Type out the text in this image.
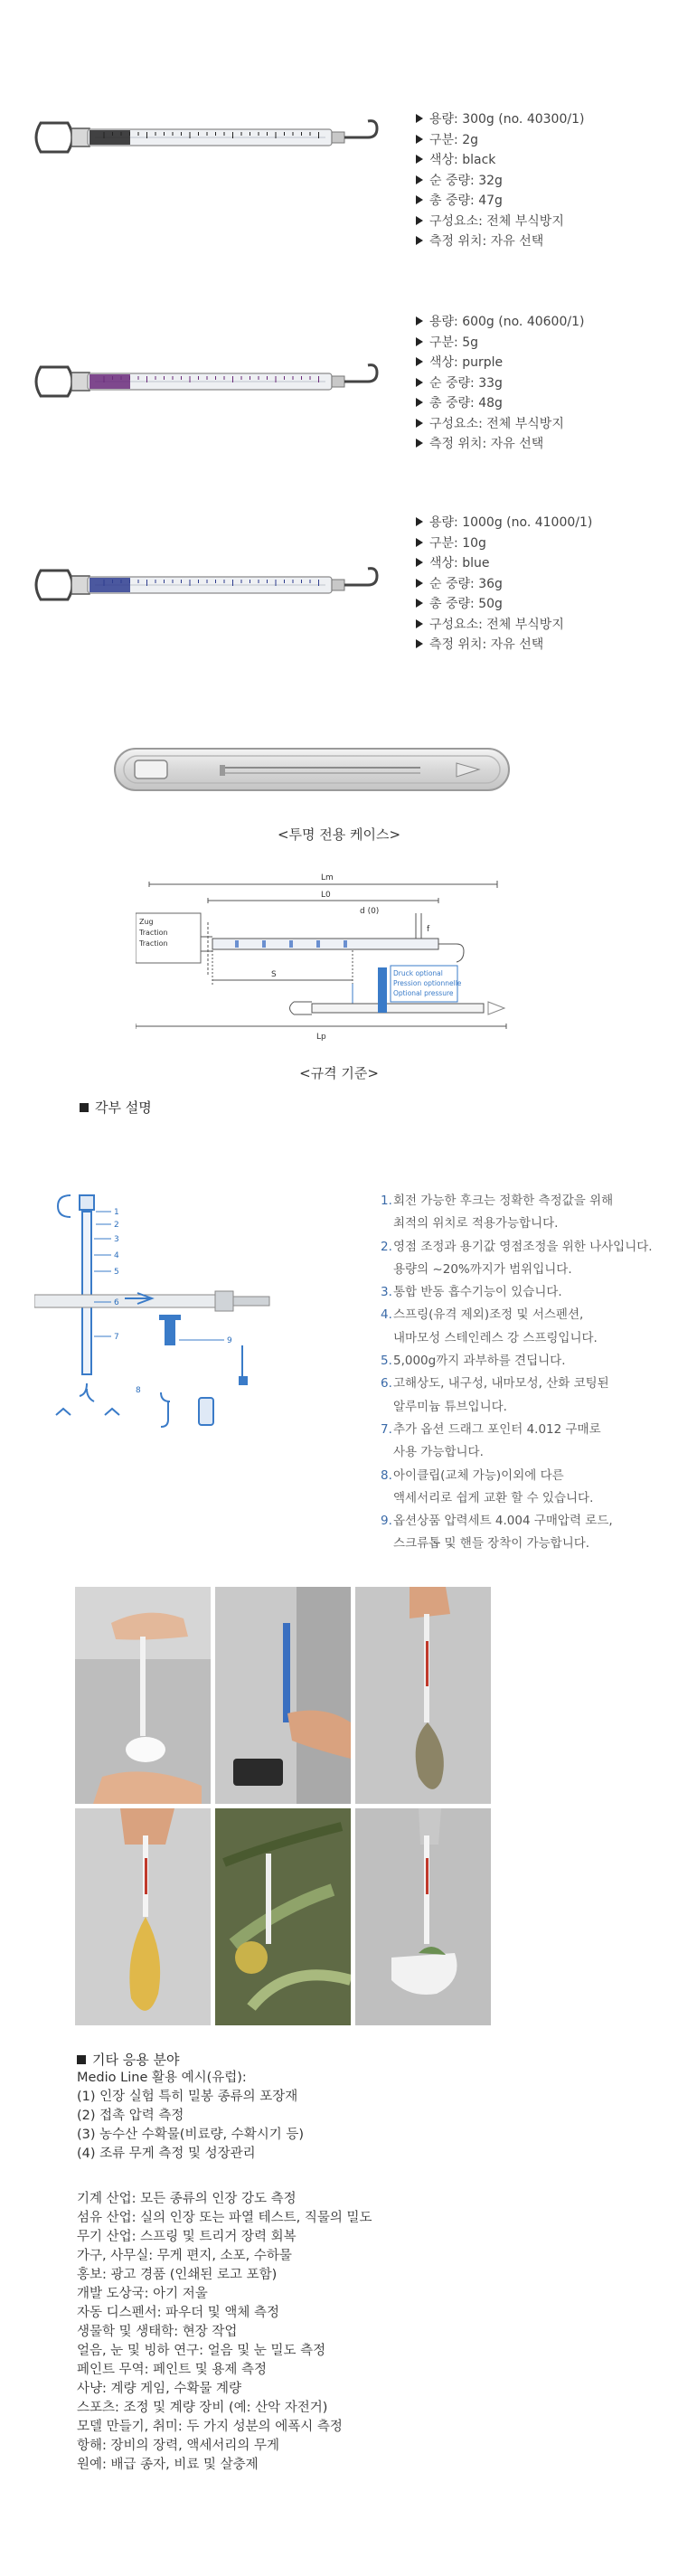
용량: 300g (no. 40300/1)
구분: 2g
색상: black
순 중량: 32g
총 중량: 47g
구성요소: 전체 부식방지
측정 위치: 자유 선택
용량: 600g (no. 40600/1)
구분: 5g
색상: purple
순 중량: 33g
총 중량: 48g
구성요소: 전체 부식방지
측정 위치: 자유 선택
용량: 1000g (no. 41000/1)
구분: 10g
색상: blue
순 중량: 36g
총 중량: 50g
구성요소: 전체 부식방지
측정 위치: 자유 선택
<투명 전용 케이스>
Zug
Traction
Traction
Druck optional
Pression optionnelle
Optional pressure
Lm
L0
d (0)
S
f
Lp
<규격 기준>
각부 설명
1
2
3
4
5
6
7
8
9
1. 회전 가능한 후크는 정확한 측정값을 위해
최적의 위치로 적용가능합니다.
2. 영점 조정과 용기값 영점조정을 위한 나사입니다.
용량의 ~20%까지가 범위입니다.
3. 통합 반동 흡수기능이 있습니다.
4. 스프링(유격 제외)조정 및 서스펜션,
내마모성 스테인레스 강 스프링입니다.
5. 5,000g까지 과부하를 견딥니다.
6. 고해상도, 내구성, 내마모성, 산화 코팅된
알루미늄 튜브입니다.
7. 추가 옵션 드래그 포인터 4.012 구매로
사용 가능합니다.
8. 아이클립(교체 가능)이외에 다른
액세서리로 쉽게 교환 할 수 있습니다.
9. 옵션상품 압력세트 4.004 구매압력 로드,
스크류톱 및 핸들 장착이 가능합니다.
기타 응용 분야
Medio Line 활용 예시(유럽):
(1) 인장 실험 특히 밀봉 종류의 포장재
(2) 접촉 압력 측정
(3) 농수산 수확물(비료량, 수확시기 등)
(4) 조류 무게 측정 및 성장관리
기계 산업: 모든 종류의 인장 강도 측정
섬유 산업: 실의 인장 또는 파열 테스트, 직물의 밀도
무기 산업: 스프링 및 트리거 장력 회복
가구, 사무실: 무게 편지, 소포, 수하물
홍보: 광고 경품 (인쇄된 로고 포함)
개발 도상국: 아기 저울
자동 디스펜서: 파우더 및 액체 측정
생물학 및 생태학: 현장 작업
얼음, 눈 및 빙하 연구: 얼음 및 눈 밀도 측정
페인트 무역: 페인트 및 용제 측정
사냥: 계량 게임, 수확물 계량
스포츠: 조정 및 계량 장비 (예: 산악 자전거)
모델 만들기, 취미: 두 가지 성분의 에폭시 측정
항해: 장비의 장력, 액세서리의 무게
원예: 배급 종자, 비료 및 살충제
